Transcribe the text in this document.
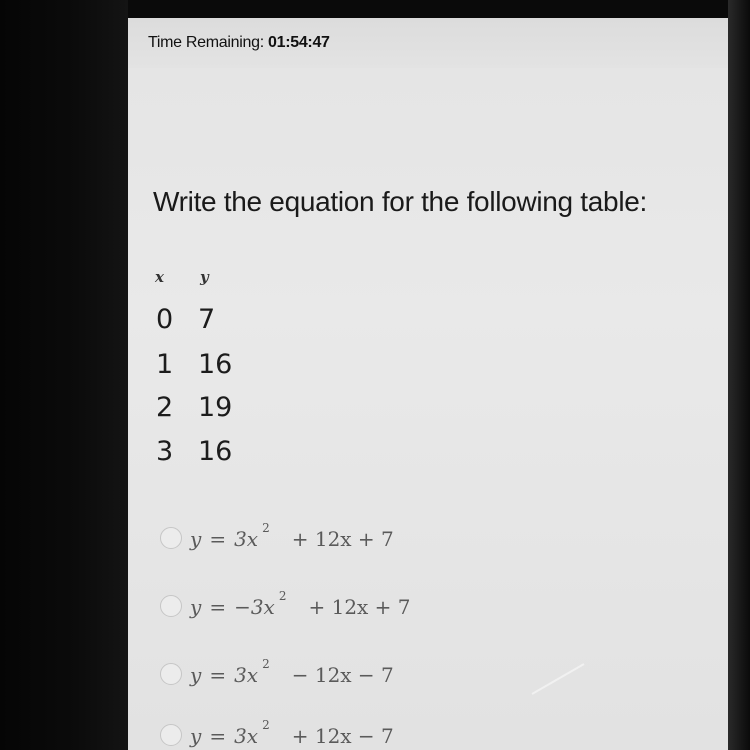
Time Remaining: 01:54:47
Write the equation for the following table:
x y
0 7
1 16
2 19
3 16
y = 3x $^2$ + 12x + 7
y = −3x $^2$ + 12x + 7
y = 3x $^2$ − 12x − 7
y = 3x $^2$ + 12x − 7
